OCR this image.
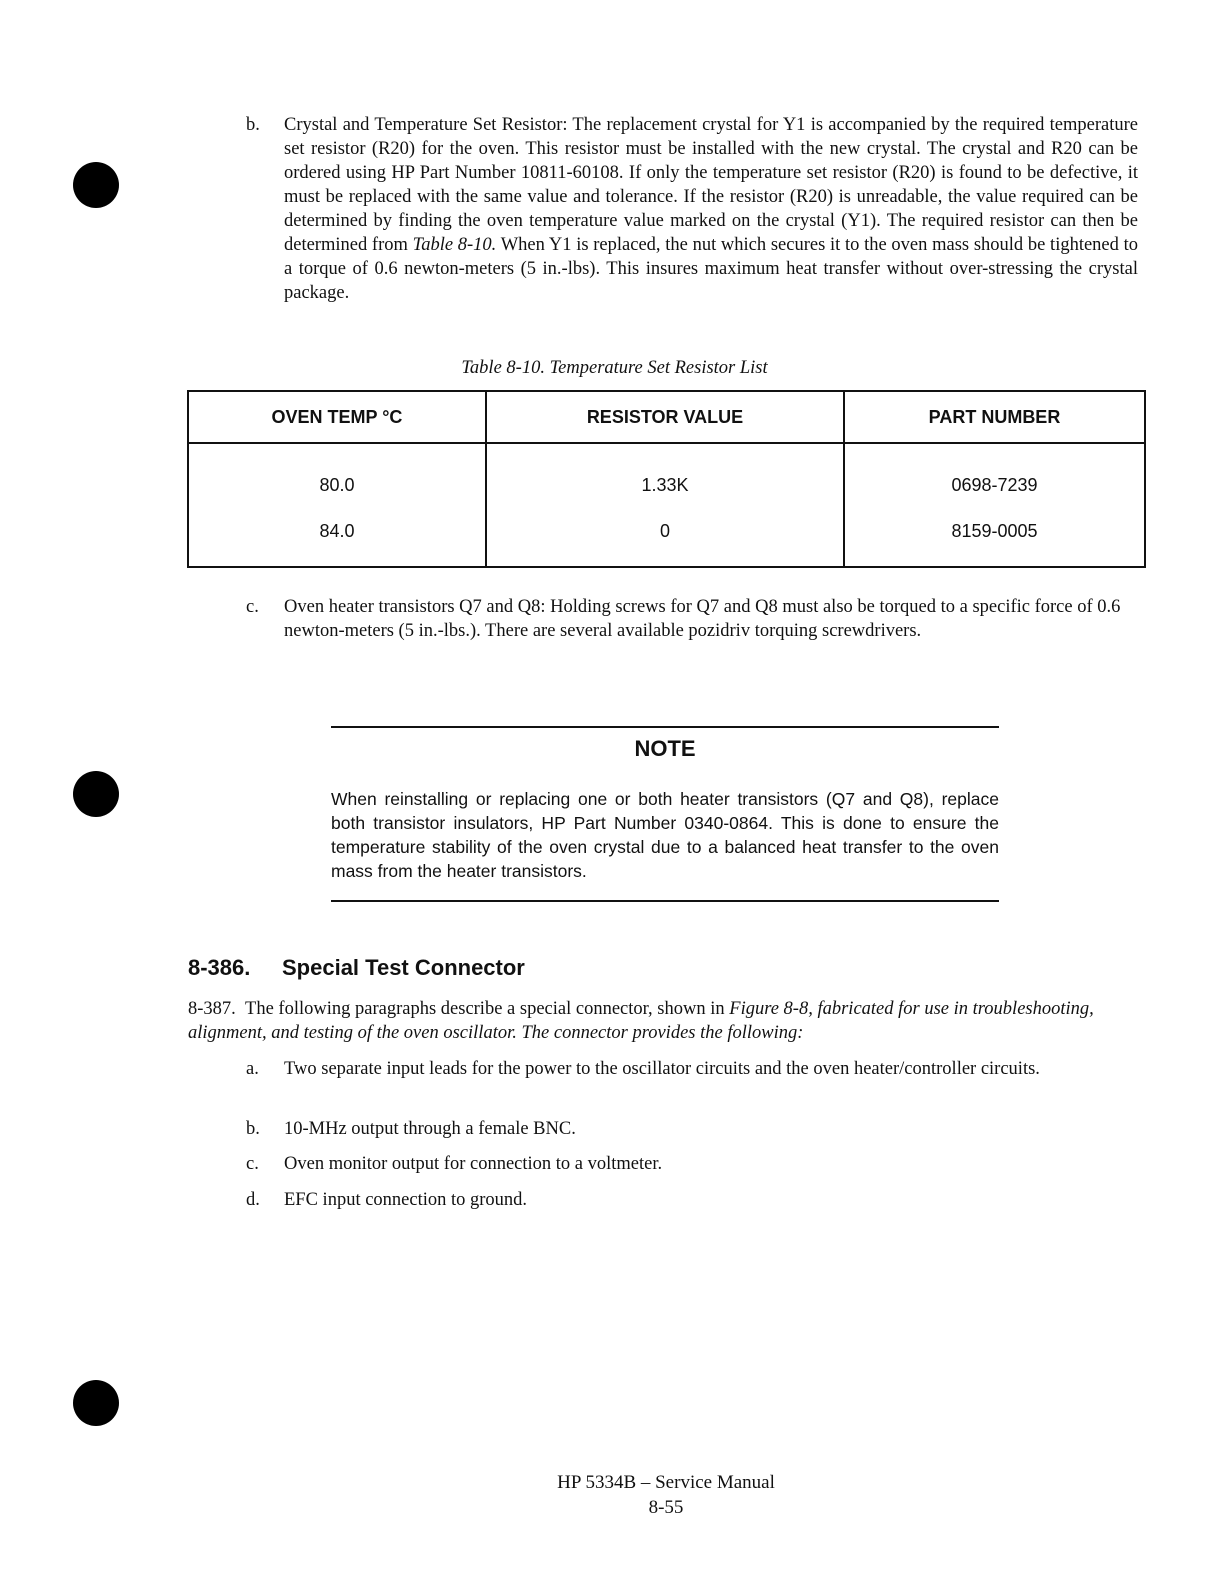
b. Crystal and Temperature Set Resistor: The replacement crystal for Y1 is accompanied by the required temperature set resistor (R20) for the oven. This resistor must be installed with the new crystal. The crystal and R20 can be ordered using HP Part Number 10811-60108. If only the temperature set resistor (R20) is found to be defective, it must be replaced with the same value and tolerance. If the resistor (R20) is unreadable, the value required can be determined by finding the oven temperature value marked on the crystal (Y1). The required resistor can then be determined from Table 8-10. When Y1 is replaced, the nut which secures it to the oven mass should be tightened to a torque of 0.6 newton-meters (5 in.-lbs). This insures maximum heat transfer without over-stressing the crystal package.
Table 8-10. Temperature Set Resistor List
OVEN TEMP °C	RESISTOR VALUE	PART NUMBER
80.0	1.33K	0698-7239
84.0	0	8159-0005
c. Oven heater transistors Q7 and Q8: Holding screws for Q7 and Q8 must also be torqued to a specific force of 0.6 newton-meters (5 in.-lbs.). There are several available pozidriv torquing screwdrivers.
NOTE
When reinstalling or replacing one or both heater transistors (Q7 and Q8), replace both transistor insulators, HP Part Number 0340-0864. This is done to ensure the temperature stability of the oven crystal due to a balanced heat transfer to the oven mass from the heater transistors.
8-386. Special Test Connector
8-387. The following paragraphs describe a special connector, shown in Figure 8-8, fabricated for use in troubleshooting, alignment, and testing of the oven oscillator. The connector provides the following:
a. Two separate input leads for the power to the oscillator circuits and the oven heater/controller circuits.
b. 10-MHz output through a female BNC.
c. Oven monitor output for connection to a voltmeter.
d. EFC input connection to ground.
HP 5334B – Service Manual
8-55
